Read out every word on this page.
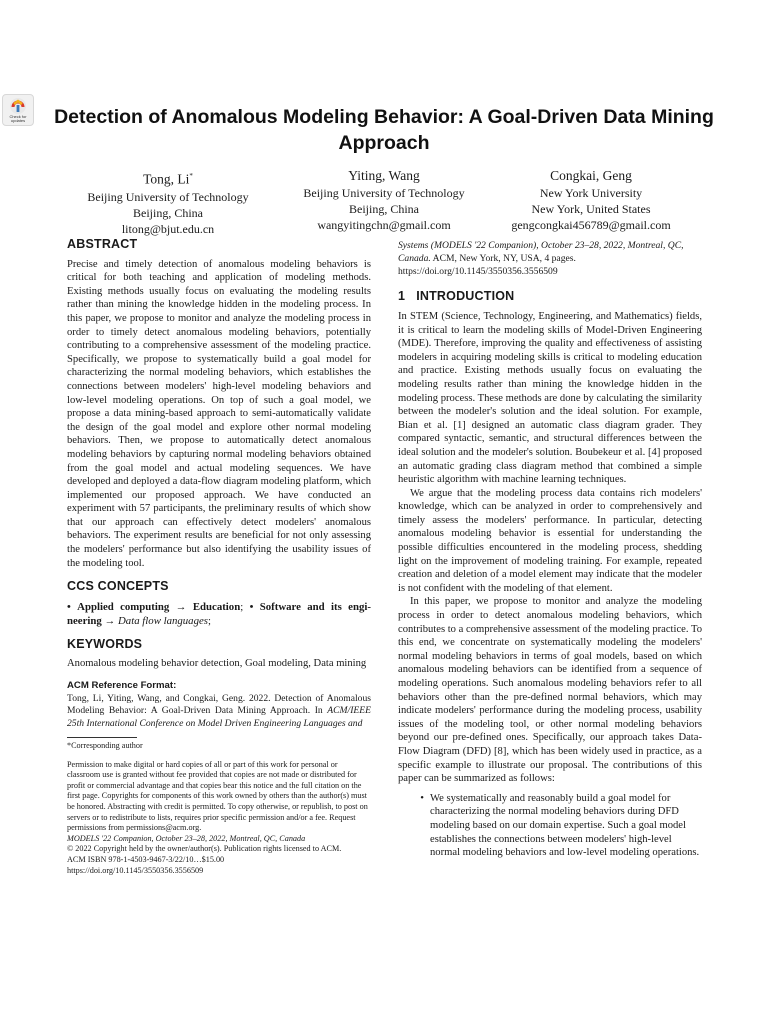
Check for
updates	Detection of Anomalous Modeling Behavior: A Goal-Driven Data Mining Approach
Tong, Li*
Beijing University of Technology
Beijing, China
litong@bjut.edu.cn
Yiting, Wang
Beijing University of Technology
Beijing, China
wangyitingchn@gmail.com
Congkai, Geng
New York University
New York, United States
gengcongkai456789@gmail.com
ABSTRACT

Precise and timely detection of anomalous modeling behaviors is critical for both teaching and application of modeling methods. Existing methods usually focus on evaluating the modeling results rather than mining the knowledge hidden in the modeling process. In this paper, we propose to monitor and analyze the modeling process in order to timely detect anomalous modeling behaviors, potentially contributing to a comprehensive assessment of the modeling practice. Specifically, we propose to systematically build a goal model for characterizing the normal modeling behaviors, which establishes the connections between modelers' high-level modeling behaviors and low-level modeling operations. On top of such a goal model, we propose a data mining-based approach to semi-automatically validate the design of the goal model and explore other normal modeling behaviors. Then, we propose to automatically detect anomalous modeling behaviors by capturing normal modeling behaviors obtained from the goal model and actual modeling sequences. We have developed and deployed a data-flow diagram modeling platform, which implemented our proposed approach. We have conducted an experiment with 57 participants, the preliminary results of which show that our approach can effectively detect modelers' anomalous behaviors. The experiment results are beneficial for not only assessing the modelers' performance but also identifying the usability issues of the modeling tool.

CCS CONCEPTS

• Applied computing → Education; • Software and its engi- neering → Data flow languages;

KEYWORDS

Anomalous modeling behavior detection, Goal modeling, Data mining

ACM Reference Format:

Tong, Li, Yiting, Wang, and Congkai, Geng. 2022. Detection of Anomalous Modeling Behavior: A Goal-Driven Data Mining Approach. In ACM/IEEE 25th International Conference on Model Driven Engineering Languages and

*Corresponding author
Permission to make digital or hard copies of all or part of this work for personal or classroom use is granted without fee provided that copies are not made or distributed for profit or commercial advantage and that copies bear this notice and the full citation on the first page. Copyrights for components of this work owned by others than the author(s) must be honored. Abstracting with credit is permitted. To copy otherwise, or republish, to post on servers or to redistribute to lists, requires prior specific permission and/or a fee. Request permissions from permissions@acm.org.
MODELS '22 Companion, October 23–28, 2022, Montreal, QC, Canada
© 2022 Copyright held by the owner/author(s). Publication rights licensed to ACM.
ACM ISBN 978-1-4503-9467-3/22/10…$15.00
https://doi.org/10.1145/3550356.3556509

Systems (MODELS '22 Companion), October 23–28, 2022, Montreal, QC, Canada. ACM, New York, NY, USA, 4 pages. https://doi.org/10.1145/3550356.3556509

1 INTRODUCTION

In STEM (Science, Technology, Engineering, and Mathematics) fields, it is critical to learn the modeling skills of Model-Driven Engineering (MDE). Therefore, improving the quality and effectiveness of assisting modelers in acquiring modeling skills is critical to modeling education and practice. Existing methods usually focus on evaluating the modeling results rather than mining the knowledge hidden in the modeling process. These methods are done by calculating the similarity between the modeler's solution and the ideal solution. For example, Bian et al. [1] designed an automatic class diagram grader. They compared syntactic, semantic, and structural differences between the ideal solution and the modeler's solution. Boubekeur et al. [4] proposed an automatic grading class diagram method that combined a simple heuristic algorithm with machine learning techniques.

We argue that the modeling process data contains rich modelers' knowledge, which can be analyzed in order to comprehensively and timely assess the modelers' performance. In particular, detecting anomalous modeling behavior is essential for understanding the possible difficulties encountered in the modeling process, shedding light on the improvement of modeling training. For example, repeated creation and deletion of a model element may indicate that the modeler is not confident with the modeling of that element.

In this paper, we propose to monitor and analyze the modeling process in order to detect anomalous modeling behaviors, which contributes to a comprehensive assessment of the modeling practice. To this end, we concentrate on systematically modeling the modelers' normal modeling behaviors in terms of goal models, based on which anomalous modeling behaviors can be identified from a sequence of modeling operations. Such anomalous modeling behaviors refer to all behaviors other than the pre-defined normal behaviors, which may indicate modelers' performance during the modeling process, usability issues of the modeling tool, or other normal modeling behaviors beyond our pre-defined ones. Specifically, our approach takes Data-Flow Diagram (DFD) [8], which has been widely used in practice, as a specific example to illustrate our proposal. The contributions of this paper can be summarized as follows:

• We systematically and reasonably build a goal model for characterizing the normal modeling behaviors during DFD modeling based on our domain expertise. Such a goal model establishes the connections between modelers' high-level normal modeling behaviors and low-level modeling operations.
